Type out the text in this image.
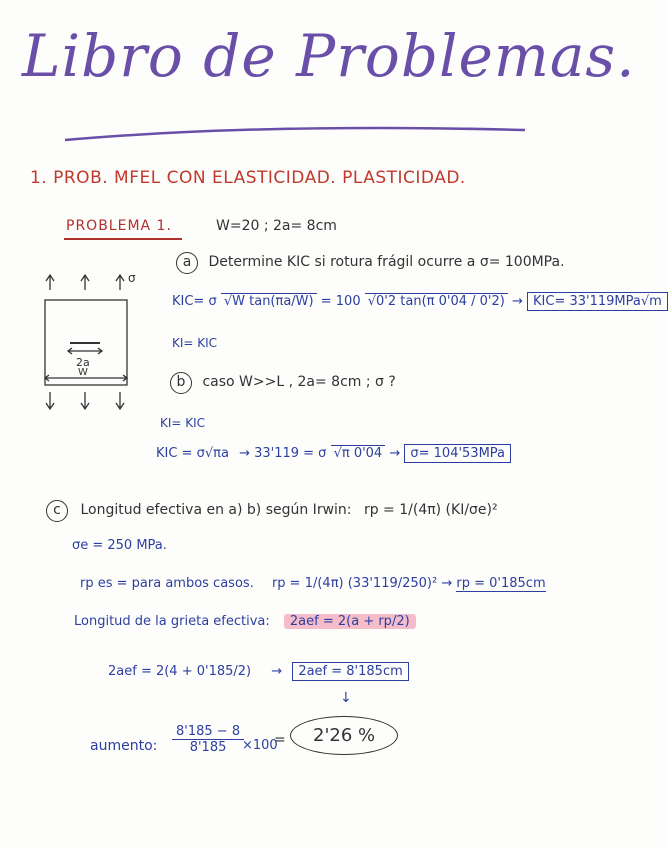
Libro de Problemas.
1. PROB. MFEL CON ELASTICIDAD. PLASTICIDAD.
PROBLEMA 1.	W=20 ; 2a= 8cm
σ
2a
W
a Determine KIC si rotura frágil ocurre a σ= 100MPa.
KIC= σ √W tan(πa/W) = 100 √0'2 tan(π 0'04 / 0'2) → KIC= 33'119MPa√m
KI= KIC
b caso W>>L , 2a= 8cm ; σ ?
KI= KIC
KIC = σ√πa → 33'119 = σ √π 0'04 → σ= 104'53MPa
c Longitud efectiva en a) b) según Irwin: rp = 1/(4π) (KI/σe)²
σe = 250 MPa.
rp es = para ambos casos. rp = 1/(4π) (33'119/250)² → rp = 0'185cm
Longitud de la grieta efectiva: 2aef = 2(a + rp/2)
2aef = 2(4 + 0'185/2) → 2aef = 8'185cm
↓
aumento: $\frac{8'185 - 8}{8'185}$
×100
=	2'26 %
